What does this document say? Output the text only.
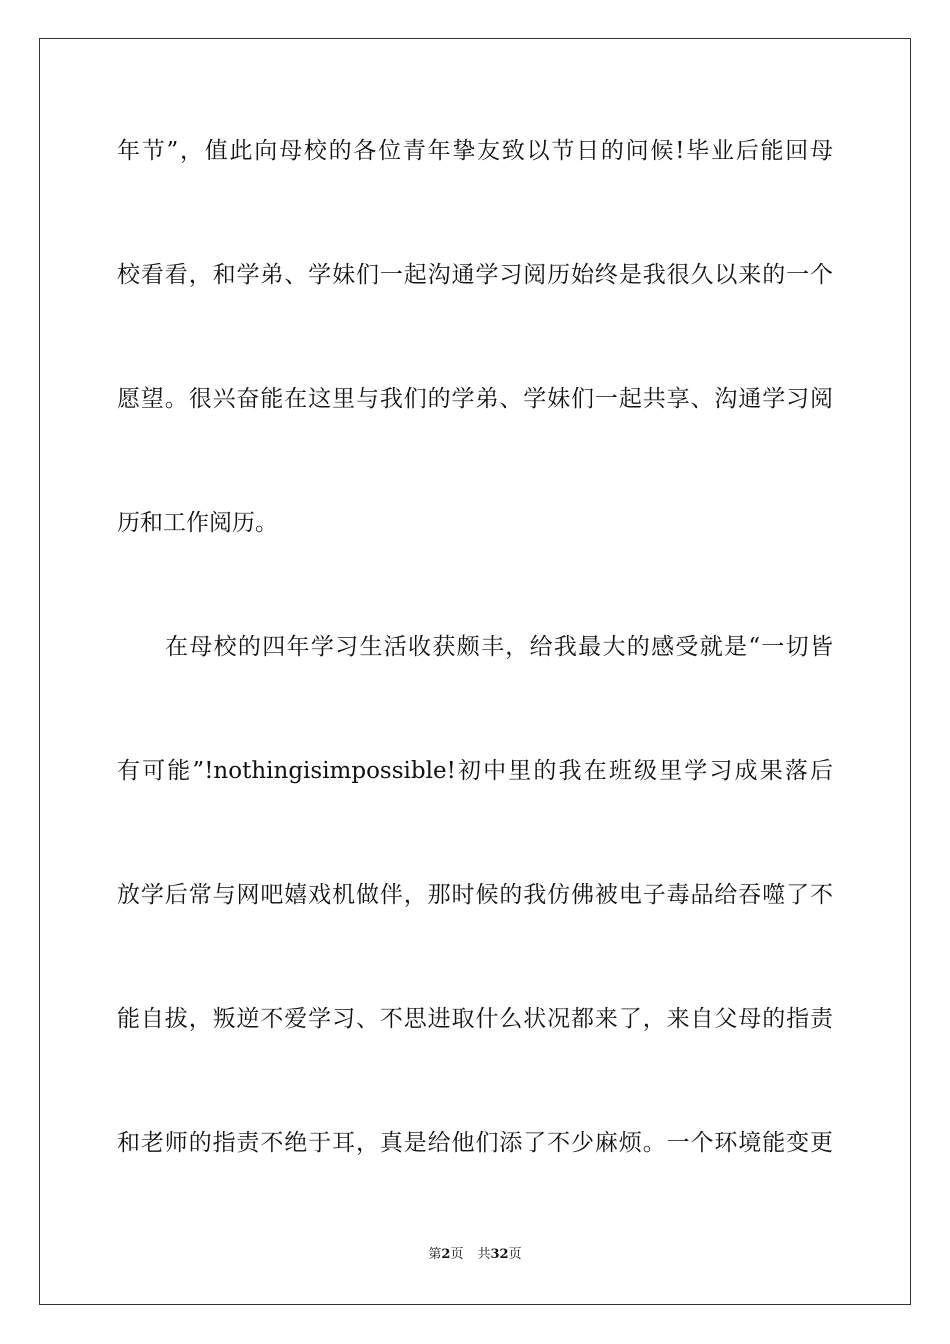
年节”，值此向母校的各位青年挚友致以节日的问候!毕业后能回母
校看看，和学弟、学妹们一起沟通学习阅历始终是我很久以来的一个
愿望。很兴奋能在这里与我们的学弟、学妹们一起共享、沟通学习阅
历和工作阅历。
在母校的四年学习生活收获颇丰，给我最大的感受就是“一切皆
有可能”!nothingisimpossible!初中里的我在班级里学习成果落后
放学后常与网吧嬉戏机做伴，那时候的我仿佛被电子毒品给吞噬了不
能自拔，叛逆不爱学习、不思进取什么状况都来了，来自父母的指责
和老师的指责不绝于耳，真是给他们添了不少麻烦。一个环境能变更
第2页 共32页
